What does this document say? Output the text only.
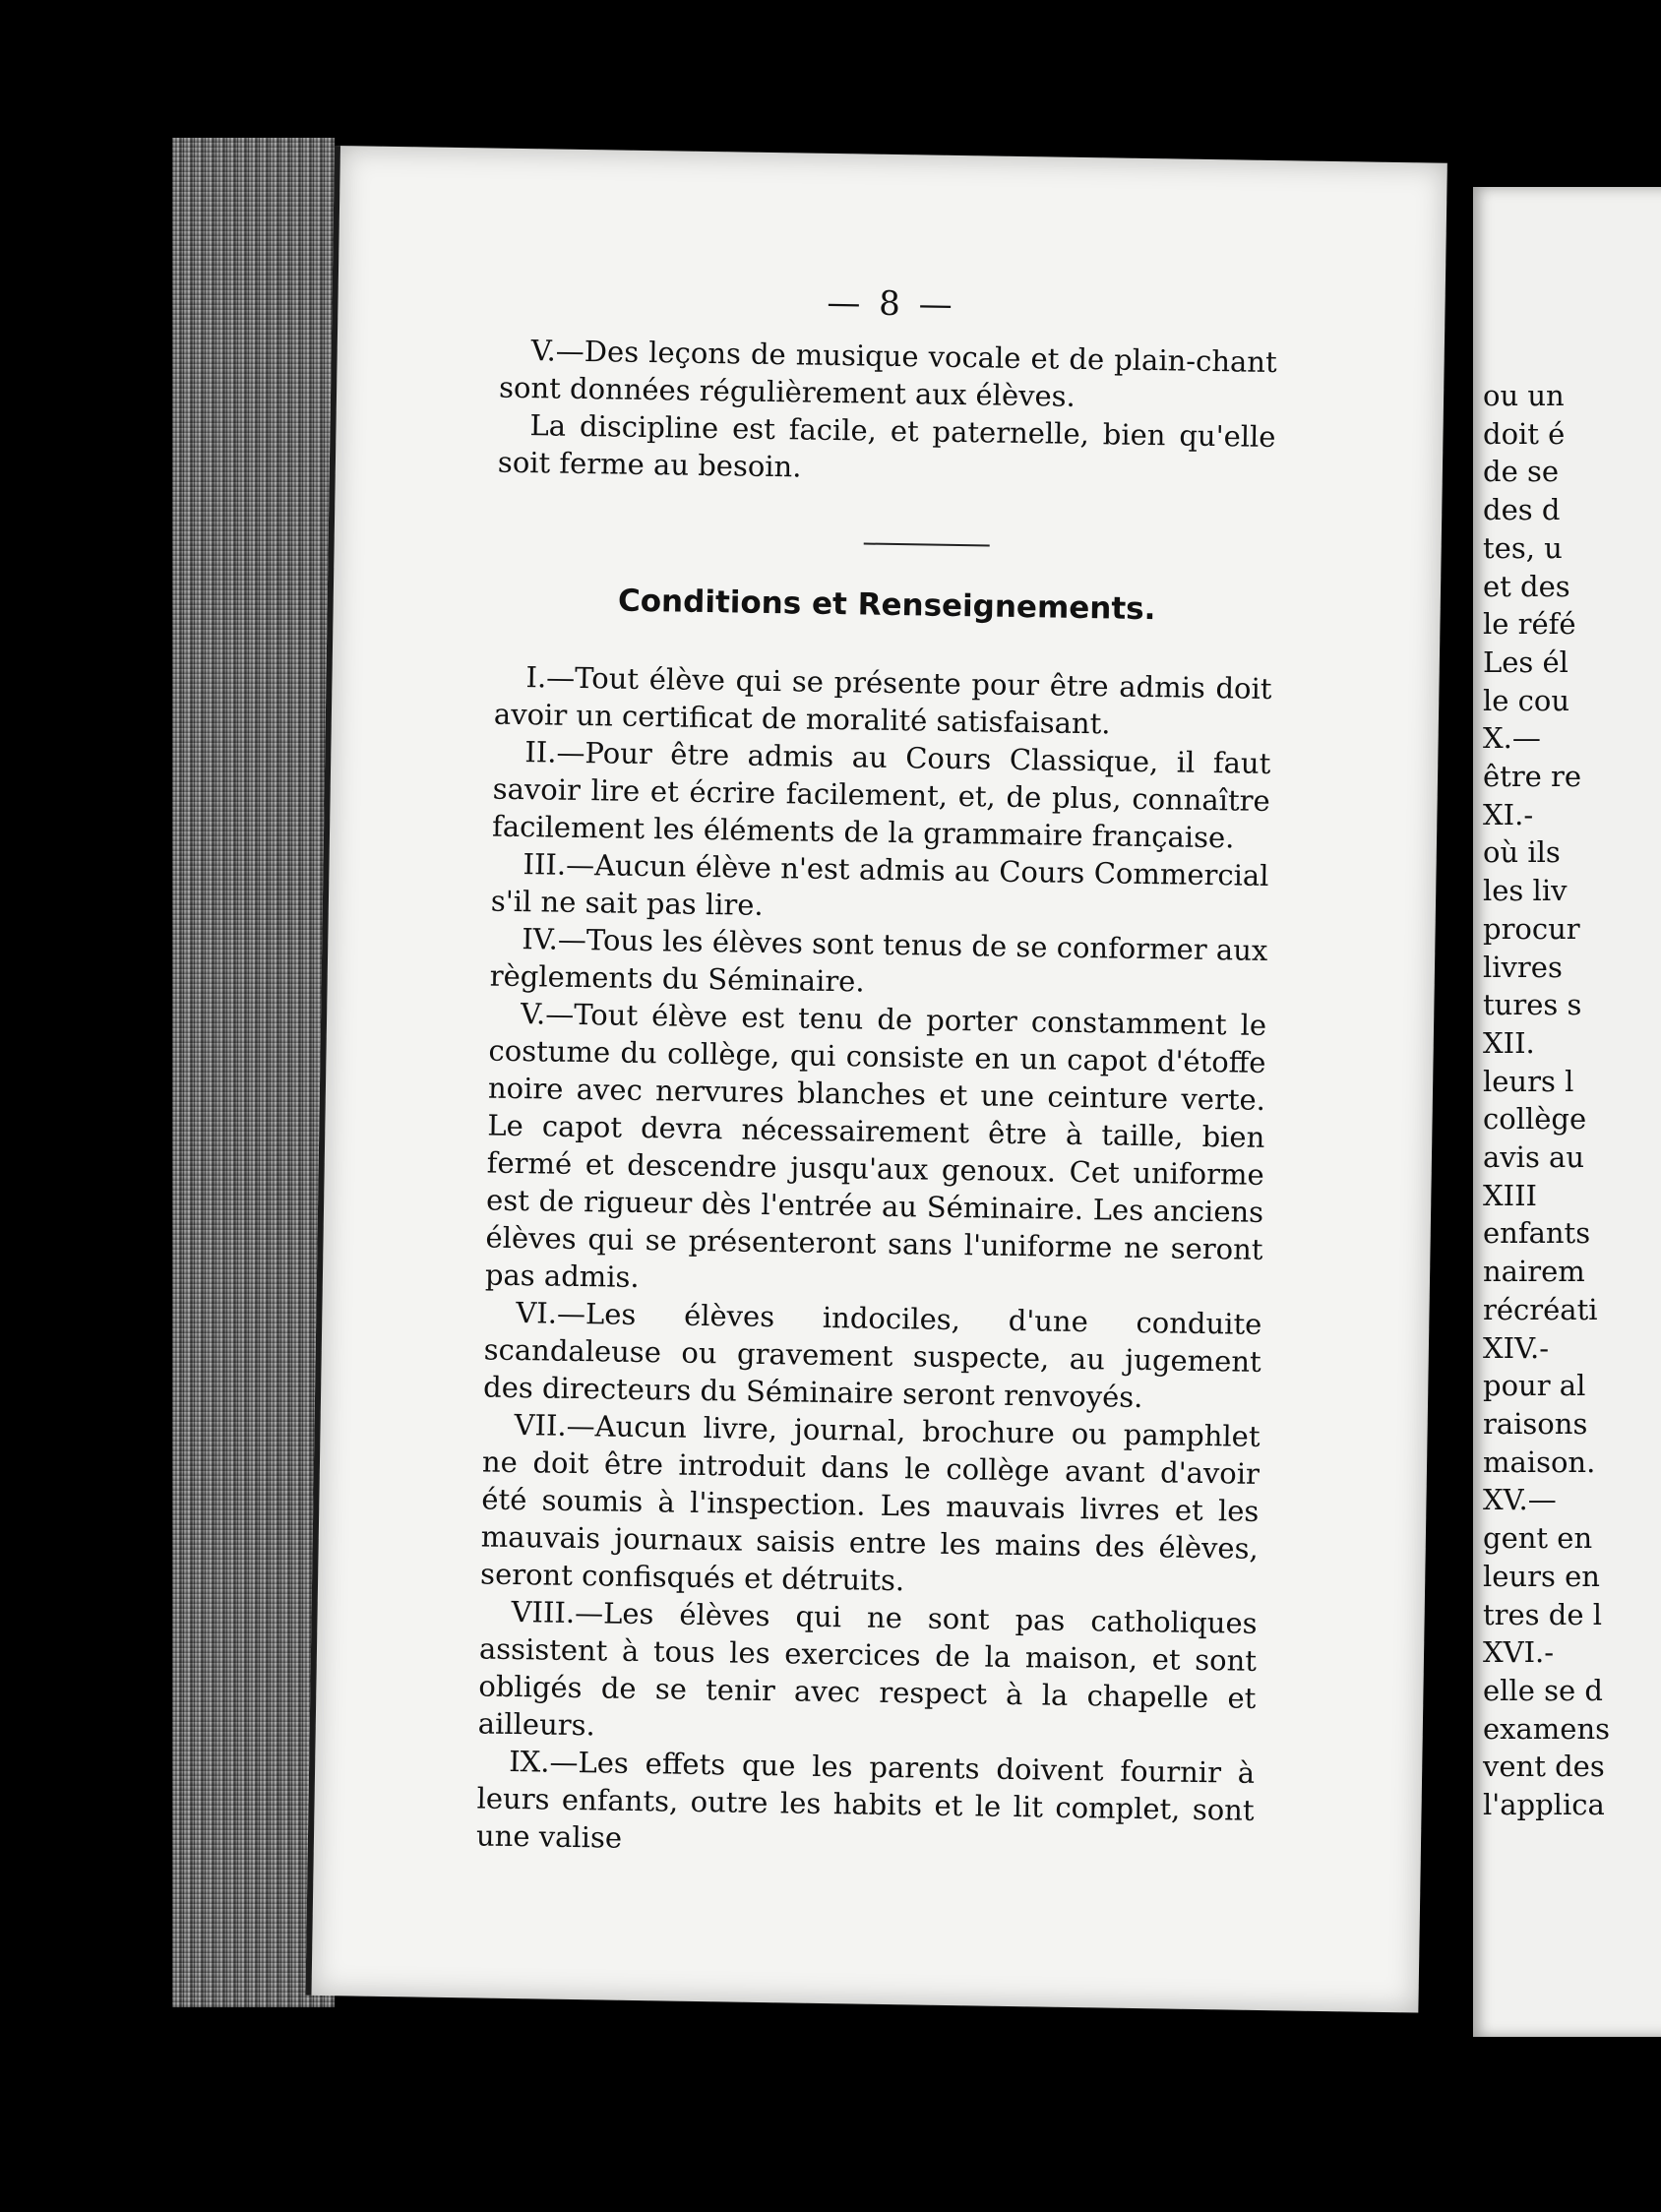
— 8 —

V.—Des leçons de musique vocale et de plain-chant sont données régulièrement aux élèves.

La discipline est facile, et paternelle, bien qu'elle soit ferme au besoin.

Conditions et Renseignements.

I.—Tout élève qui se présente pour être admis doit avoir un certificat de moralité satisfaisant.

II.—Pour être admis au Cours Classique, il faut savoir lire et écrire facilement, et, de plus, connaître facilement les éléments de la grammaire française.

III.—Aucun élève n'est admis au Cours Commercial s'il ne sait pas lire.

IV.—Tous les élèves sont tenus de se conformer aux règlements du Séminaire.

V.—Tout élève est tenu de porter constamment le costume du collège, qui consiste en un capot d'étoffe noire avec nervures blanches et une ceinture verte. Le capot devra nécessairement être à taille, bien fermé et descendre jusqu'aux genoux. Cet uniforme est de rigueur dès l'entrée au Séminaire. Les anciens élèves qui se présenteront sans l'uniforme ne seront pas admis.

VI.—Les élèves indociles, d'une conduite scandaleuse ou gravement suspecte, au jugement des directeurs du Séminaire seront renvoyés.

VII.—Aucun livre, journal, brochure ou pamphlet ne doit être introduit dans le collège avant d'avoir été soumis à l'inspection. Les mauvais livres et les mauvais journaux saisis entre les mains des élèves, seront confisqués et détruits.

VIII.—Les élèves qui ne sont pas catholiques assistent à tous les exercices de la maison, et sont obligés de se tenir avec respect à la chapelle et ailleurs.

IX.—Les effets que les parents doivent fournir à leurs enfants, outre les habits et le lit complet, sont une valise

ou un
doit é
de se
des d
tes, u
et des
le réfé
Les él
le cou
X.—
être re
XI.-
où ils
les liv
procur
livres
tures s
XII.
leurs l
collège
avis au
XIII
enfants
nairem
récréati
XIV.-
pour al
raisons
maison.
XV.—
gent en
leurs en
tres de l
XVI.-
elle se d
examens
vent des
l'applica
